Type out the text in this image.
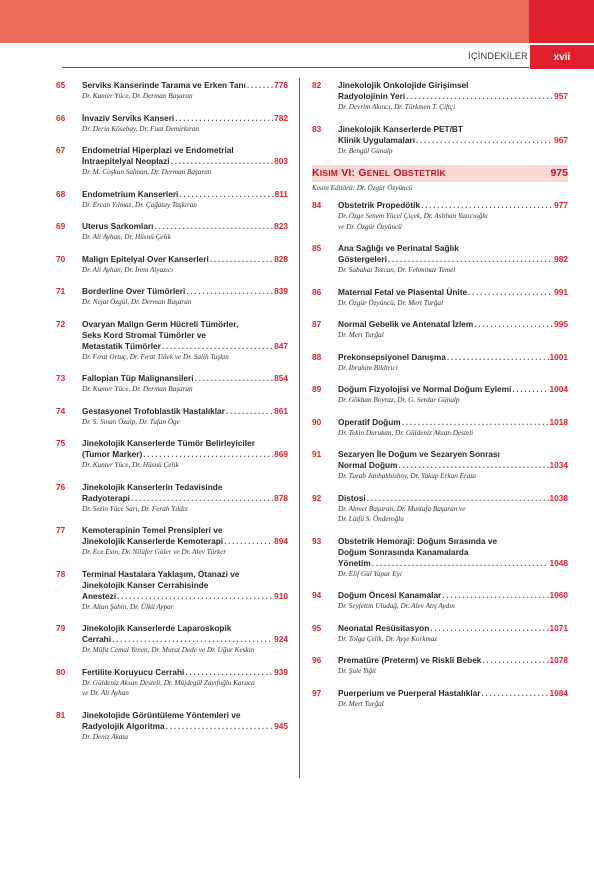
İÇİNDEKİLER	xvii
65	Serviks Kanserinde Tarama ve Erken Tanı . . .	776
Dr. Kunter Yüce, Dr. Derman Başaran
66	İnvaziv Serviks Kanseri . . .	782
Dr. Derin Kösebay, Dr. Fuat Demirkıran
67	Endometrial Hiperplazi ve Endometrial
İntraepitelyal Neoplazi . . .	803
Dr. M. Coşkun Salman, Dr. Derman Başaran
68	Endometrium Kanserleri . . .	811
Dr. Ercan Yılmaz, Dr. Çağatay Taşkıran
69	Uterus Sarkomları . . .	823
Dr. Ali Ayhan, Dr. Hüsnü Çelik
70	Malign Epitelyal Over Kanserleri . . .	828
Dr. Ali Ayhan, Dr. İrem Alyazıcı
71	Borderline Over Tümörleri . . .	839
Dr. Nejat Özgül, Dr. Derman Başaran
72	Ovaryan Malign Germ Hücreli Tümörler,
Seks Kord Stromal Tümörler ve
Metastatik Tümörler . . .	847
Dr. Fırat Ortuç, Dr. Fırat Tülek ve Dr. Salih Taşkın
73	Fallopian Tüp Malignansileri . . .	854
Dr. Kunter Yüce, Dr. Derman Başaran
74	Gestasyonel Trofoblastik Hastalıklar . . .	861
Dr. S. Sinan Özalp, Dr. Tufan Öge
75	Jinekolojik Kanserlerde Tümör Belirleyiciler
(Tumor Marker) . . .	869
Dr. Kunter Yüce, Dr. Hüsnü Çelik
76	Jinekolojik Kanserlerin Tedavisinde
Radyoterapi . . .	878
Dr. Sezin Yüce Sarı, Dr. Ferah Yıldız
77	Kemoterapinin Temel Prensipleri ve
Jinekolojik Kanserlerde Kemoterapi . . .	894
Dr. Ece Esin, Dr. Nilüfer Güler ve Dr. Alev Türker
78	Terminal Hastalara Yaklaşım, Ötanazi ve
Jinekolojik Kanser Cerrahisinde
Anestezi . . .	910
Dr. Altan Şahin, Dr. Ülkü Aypar
79	Jinekolojik Kanserlerde Laparoskopik
Cerrahi . . .	924
Dr. Müfit Cemal Yenen, Dr. Murat Dede ve Dr. Uğur Keskin
80	Fertilite Koruyucu Cerrahi . . .	939
Dr. Güldeniz Aksan Desteli, Dr. Müjdegül Zayıfoğlu Karaca
ve Dr. Ali Ayhan
81	Jinekolojide Görüntüleme Yöntemleri ve
Radyolojik Algoritma . . .	945
Dr. Deniz Akata
82	Jinekolojik Onkolojide Girişimsel
Radyolojinin Yeri . . .	957
Dr. Devrim Akıncı, Dr. Türkmen T. Çiftçi
83	Jinekolojik Kanserlerde PET/BT
Klinik Uygulamaları . . .	967
Dr. Bengül Günalp
KISIM VI: GENEL OBSTETRİK	975
Kısım Editörü: Dr. Özgür Özyüncü
84	Obstetrik Propedötik . . .	977
Dr. Özge Senem Yücel Çiçek, Dr. Aslıhan Yazıcıoğlu
ve Dr. Özgür Özyüncü
85	Ana Sağlığı ve Perinatal Sağlık
Göstergeleri . . .	982
Dr. Sabahat Tezcan, Dr. Fehminaz Temel
86	Maternal Fetal ve Plasental Ünite . . .	991
Dr. Özgür Özyüncü, Dr. Mert Turğal
87	Normal Gebelik ve Antenatal İzlem . . .	995
Dr. Mert Turğal
88	Prekonsepsiyonel Danışma . . .	1001
Dr. İbrahim Bildirici
89	Doğum Fizyolojisi ve Normal Doğum Eylemi . . .	1004
Dr. Gökhan Boyraz, Dr. G. Serdar Günalp
90	Operatif Doğum . . .	1018
Dr. Tekin Durukan, Dr. Güldeniz Aksan Desteli
91	Sezaryen İle Doğum ve Sezaryen Sonrası
Normal Doğum . . .	1034
Dr. Turab Janbakhishov, Dr. Yakup Erkan Erata
92	Distosi . . .	1038
Dr. Ahmet Başaran, Dr. Mustafa Başaran ve
Dr. Lütfü S. Önderoğlu
93	Obstetrik Hemoraji: Doğum Sırasında ve
Doğum Sonrasında Kanamalarda
Yönetim . . .	1048
Dr. Elif Gül Yapar Eyi
94	Doğum Öncesi Kanamalar . . .	1060
Dr. Seyfettin Uludağ, Dr. Alev Atış Aydın
95	Neonatal Resüsitasyon . . .	1071
Dr. Tolga Çelik, Dr. Ayşe Korkmaz
96	Prematüre (Preterm) ve Riskli Bebek . . .	1078
Dr. Şule Yiğit
97	Puerperium ve Puerperal Hastalıklar . . .	1084
Dr. Mert Turğal
